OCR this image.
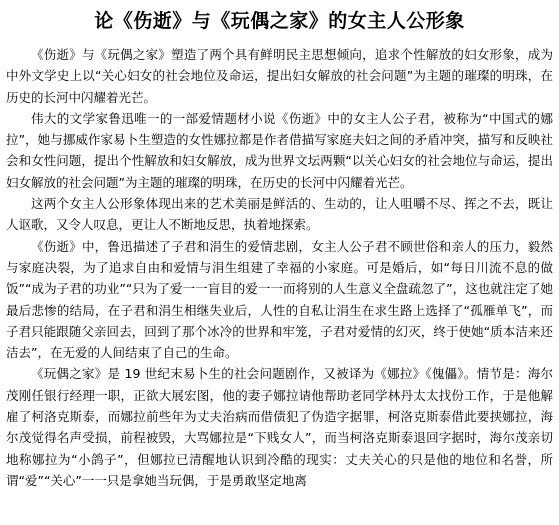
论《伤逝》与《玩偶之家》的女主人公形象

《伤逝》与《玩偶之家》塑造了两个具有鲜明民主思想倾向，追求个性解放的妇女形象，成为中外文学史上以“关心妇女的社会地位及命运，提出妇女解放的社会问题”为主题的璀璨的明珠，在历史的长河中闪耀着光芒。

伟大的文学家鲁迅唯一的一部爱情题材小说《伤逝》中的女主人公子君，被称为“中国式的娜拉”，她与挪威作家易卜生塑造的女性娜拉都是作者借描写家庭夫妇之间的矛盾冲突，描写和反映社会和女性问题，提出个性解放和妇女解放，成为世界文坛两颗“以关心妇女的社会地位与命运，提出妇女解放的社会问题”为主题的璀璨的明珠，在历史的长河中闪耀着光芒。

这两个女主人公形象体现出来的艺术美丽是鲜活的、生动的，让人咀嚼不尽、挥之不去，既让人讴歌，又令人叹息，更让人不断地反思，执着地探索。

《伤逝》中，鲁迅描述了子君和涓生的爱情悲剧，女主人公子君不顾世俗和亲人的压力，毅然与家庭决裂，为了追求自由和爱情与涓生组建了幸福的小家庭。可是婚后，如“每日川流不息的做饭”“成为子君的功业”“只为了爱一一盲目的爱一一而将别的人生意义全盘疏忽了”，这也就注定了她最后悲惨的结局，在子君和涓生相继失业后，人性的自私让涓生在求生路上选择了“孤雁单飞”，而子君只能跟随父亲回去，回到了那个冰冷的世界和牢笼，子君对爱情的幻灭，终于使她“质本洁来还洁去”，在无爱的人间结束了自己的生命。

《玩偶之家》是 19 世纪末易卜生的社会问题剧作，又被译为《娜拉》《傀儡》。情节是：海尔茂刚任银行经理一职，正欲大展宏图，他的妻子娜拉请他帮助老同学林丹太太找份工作，于是他解雇了柯洛克斯泰，而娜拉前些年为丈夫治病而借债犯了伪造字据罪，柯洛克斯泰借此要挟娜拉，海尔茂觉得名声受损，前程被毁，大骂娜拉是“下贱女人”，而当柯洛克斯泰退回字据时，海尔茂亲切地称娜拉为“小鸽子”，但娜拉已清醒地认识到冷酷的现实：丈夫关心的只是他的地位和名誉，所谓“爱”“关心”一一只是拿她当玩偶，于是勇敢坚定地离
